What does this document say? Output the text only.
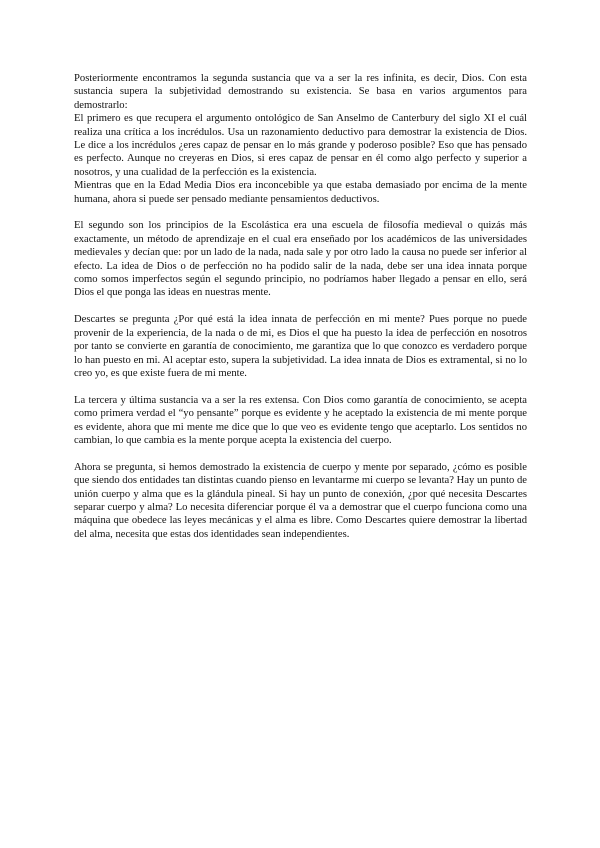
Posteriormente encontramos la segunda sustancia que va a ser la res infinita, es decir, Dios. Con esta sustancia supera la subjetividad demostrando su existencia. Se basa en varios argumentos para demostrarlo:
El primero es que recupera el argumento ontológico de San Anselmo de Canterbury del siglo XI el cuál realiza una crítica a los incrédulos. Usa un razonamiento deductivo para demostrar la existencia de Dios. Le dice a los incrédulos ¿eres capaz de pensar en lo más grande y poderoso posible? Eso que has pensado es perfecto. Aunque no creyeras en Dios, si eres capaz de pensar en él como algo perfecto y superior a nosotros, y una cualidad de la perfección es la existencia.
Mientras que en la Edad Media Dios era inconcebible ya que estaba demasiado por encima de la mente humana, ahora si puede ser pensado mediante pensamientos deductivos.

El segundo son los principios de la Escolástica era una escuela de filosofía medieval o quizás más exactamente, un método de aprendizaje en el cual era enseñado por los académicos de las universidades medievales y decían que: por un lado de la nada, nada sale y por otro lado la causa no puede ser inferior al efecto. La idea de Dios o de perfección no ha podido salir de la nada, debe ser una idea innata porque como somos imperfectos según el segundo principio, no podríamos haber llegado a pensar en ello, será Dios el que ponga las ideas en nuestras mente.

Descartes se pregunta ¿Por qué está la idea innata de perfección en mi mente? Pues porque no puede provenir de la experiencia, de la nada o de mi, es Dios el que ha puesto la idea de perfección en nosotros por tanto se convierte en garantía de conocimiento, me garantiza que lo que conozco es verdadero porque lo han puesto en mi. Al aceptar esto, supera la subjetividad. La idea innata de Dios es extramental, si no lo creo yo, es que existe fuera de mi mente.

La tercera y última sustancia va a ser la res extensa. Con Dios como garantía de conocimiento, se acepta como primera verdad el “yo pensante” porque es evidente y he aceptado la existencia de mi mente porque es evidente, ahora que mi mente me dice que lo que veo es evidente tengo que aceptarlo. Los sentidos no cambian, lo que cambia es la mente porque acepta la existencia del cuerpo.

Ahora se pregunta, si hemos demostrado la existencia de cuerpo y mente por separado, ¿cómo es posible que siendo dos entidades tan distintas cuando pienso en levantarme mi cuerpo se levanta? Hay un punto de unión cuerpo y alma que es la glándula pineal. Si hay un punto de conexión, ¿por qué necesita Descartes separar cuerpo y alma? Lo necesita diferenciar porque él va a demostrar que el cuerpo funciona como una máquina que obedece las leyes mecánicas y el alma es libre. Como Descartes quiere demostrar la libertad del alma, necesita que estas dos identidades sean independientes.
